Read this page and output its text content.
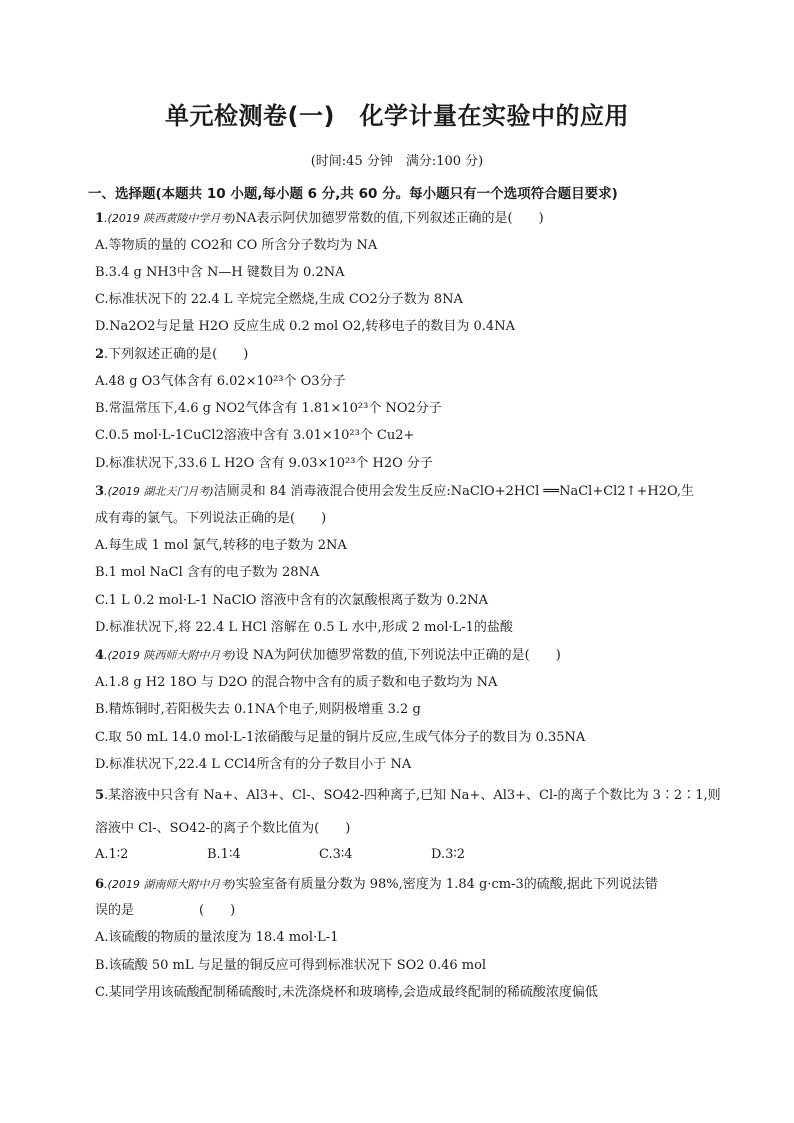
单元检测卷(一)　化学计量在实验中的应用
(时间:45 分钟　满分:100 分)
一、选择题(本题共 10 小题,每小题 6 分,共 60 分。每小题只有一个选项符合题目要求)
1.(2019 陕西黄陵中学月考)NA表示阿伏加德罗常数的值,下列叙述正确的是(　　)
A.等物质的量的 CO2和 CO 所含分子数均为 NA
B.3.4 g NH3中含 N—H 键数目为 0.2NA
C.标准状况下的 22.4 L 辛烷完全燃烧,生成 CO2分子数为 8NA
D.Na2O2与足量 H2O 反应生成 0.2 mol O2,转移电子的数目为 0.4NA
2.下列叙述正确的是(　　)
A.48 g O3气体含有 6.02×10²³个 O3分子
B.常温常压下,4.6 g NO2气体含有 1.81×10²³个 NO2分子
C.0.5 mol·L-1CuCl2溶液中含有 3.01×10²³个 Cu2+
D.标准状况下,33.6 L H2O 含有 9.03×10²³个 H2O 分子
3.(2019 湖北天门月考)洁厕灵和 84 消毒液混合使用会发生反应:NaClO+2HCl ══NaCl+Cl2↑+H2O,生
成有毒的氯气。下列说法正确的是(　　)
A.每生成 1 mol 氯气,转移的电子数为 2NA
B.1 mol NaCl 含有的电子数为 28NA
C.1 L 0.2 mol·L-1 NaClO 溶液中含有的次氯酸根离子数为 0.2NA
D.标准状况下,将 22.4 L HCl 溶解在 0.5 L 水中,形成 2 mol·L-1的盐酸
4.(2019 陕西师大附中月考)设 NA为阿伏加德罗常数的值,下列说法中正确的是(　　)
A.1.8 g H2 18O 与 D2O 的混合物中含有的质子数和电子数均为 NA
B.精炼铜时,若阳极失去 0.1NA个电子,则阴极增重 3.2 g
C.取 50 mL 14.0 mol·L-1浓硝酸与足量的铜片反应,生成气体分子的数目为 0.35NA
D.标准状况下,22.4 L CCl4所含有的分子数目小于 NA
5.某溶液中只含有 Na+、Al3+、Cl-、SO42-四种离子,已知 Na+、Al3+、Cl-的离子个数比为 3∶2∶1,则
溶液中 Cl-、SO42-的离子个数比值为(　　)
A.1∶2	B.1∶4	C.3∶4	D.3∶2
6.(2019 湖南师大附中月考)实验室备有质量分数为 98%,密度为 1.84 g·cm-3的硫酸,据此下列说法错
误的是　　　　　(　　)
A.该硫酸的物质的量浓度为 18.4 mol·L-1
B.该硫酸 50 mL 与足量的铜反应可得到标准状况下 SO2 0.46 mol
C.某同学用该硫酸配制稀硫酸时,未洗涤烧杯和玻璃棒,会造成最终配制的稀硫酸浓度偏低
